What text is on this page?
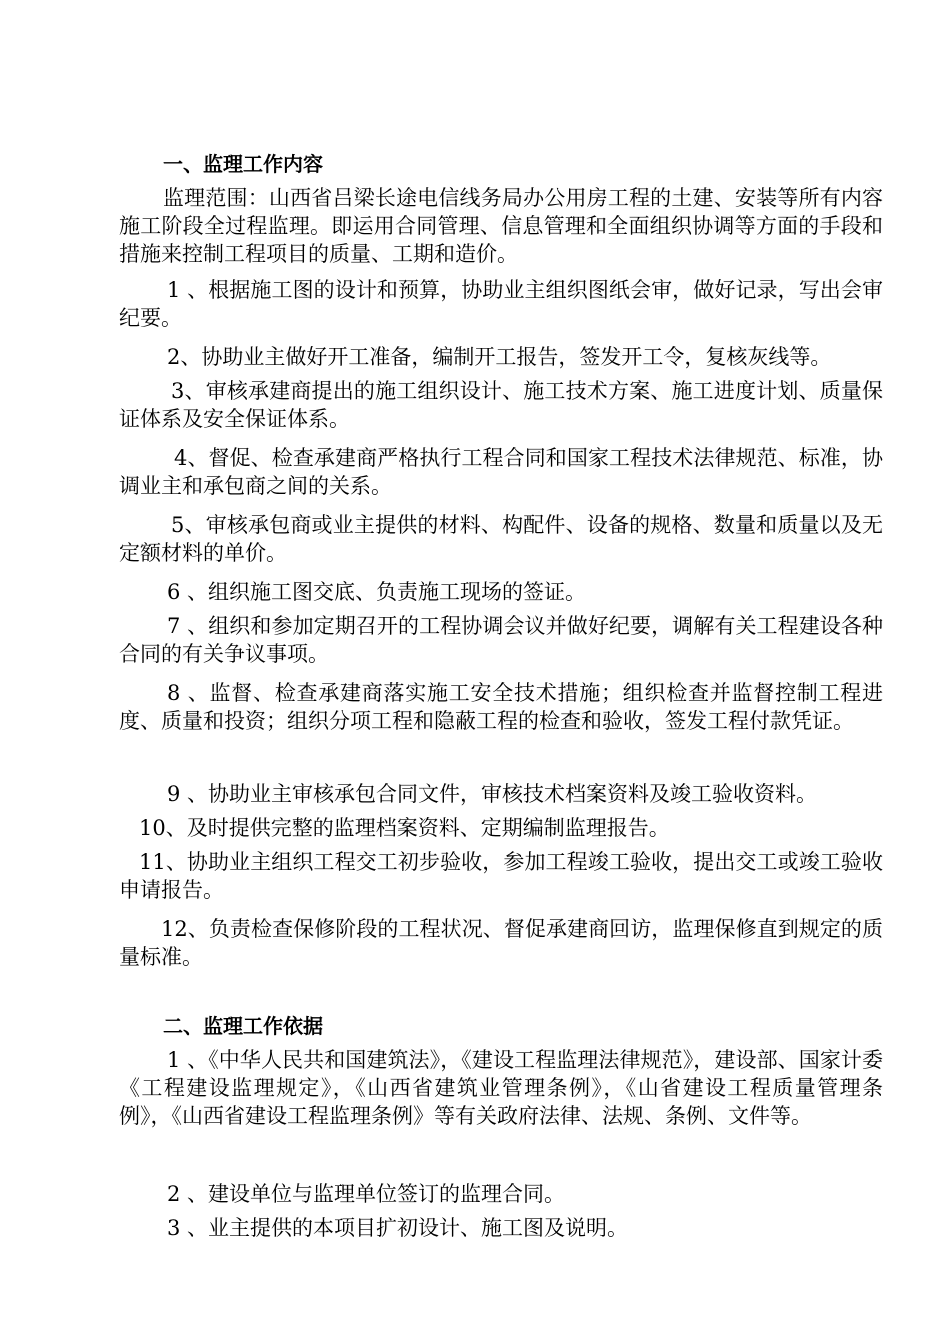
一、监理工作内容

监理范围：山西省吕梁长途电信线务局办公用房工程的土建、安装等所有内容施工阶段全过程监理。即运用合同管理、信息管理和全面组织协调等方面的手段和措施来控制工程项目的质量、工期和造价。

1 、根据施工图的设计和预算，协助业主组织图纸会审，做好记录，写出会审纪要。

2、协助业主做好开工准备，编制开工报告，签发开工令，复核灰线等。

3、审核承建商提出的施工组织设计、施工技术方案、施工进度计划、质量保证体系及安全保证体系。

4、督促、检查承建商严格执行工程合同和国家工程技术法律规范、标准，协调业主和承包商之间的关系。

5、审核承包商或业主提供的材料、构配件、设备的规格、数量和质量以及无定额材料的单价。

6 、组织施工图交底、负责施工现场的签证。

7 、组织和参加定期召开的工程协调会议并做好纪要，调解有关工程建设各种合同的有关争议事项。

8 、监督、检查承建商落实施工安全技术措施；组织检查并监督控制工程进度、质量和投资；组织分项工程和隐蔽工程的检查和验收，签发工程付款凭证。

9 、协助业主审核承包合同文件，审核技术档案资料及竣工验收资料。

10、及时提供完整的监理档案资料、定期编制监理报告。

11、协助业主组织工程交工初步验收，参加工程竣工验收，提出交工或竣工验收申请报告。

12、负责检查保修阶段的工程状况、督促承建商回访，监理保修直到规定的质量标准。

二、监理工作依据

1 、《中华人民共和国建筑法》，《建设工程监理法律规范》，建设部、国家计委《工程建设监理规定》，《山西省建筑业管理条例》，《山省建设工程质量管理条例》，《山西省建设工程监理条例》等有关政府法律、法规、条例、文件等。

2 、建设单位与监理单位签订的监理合同。

3 、业主提供的本项目扩初设计、施工图及说明。
